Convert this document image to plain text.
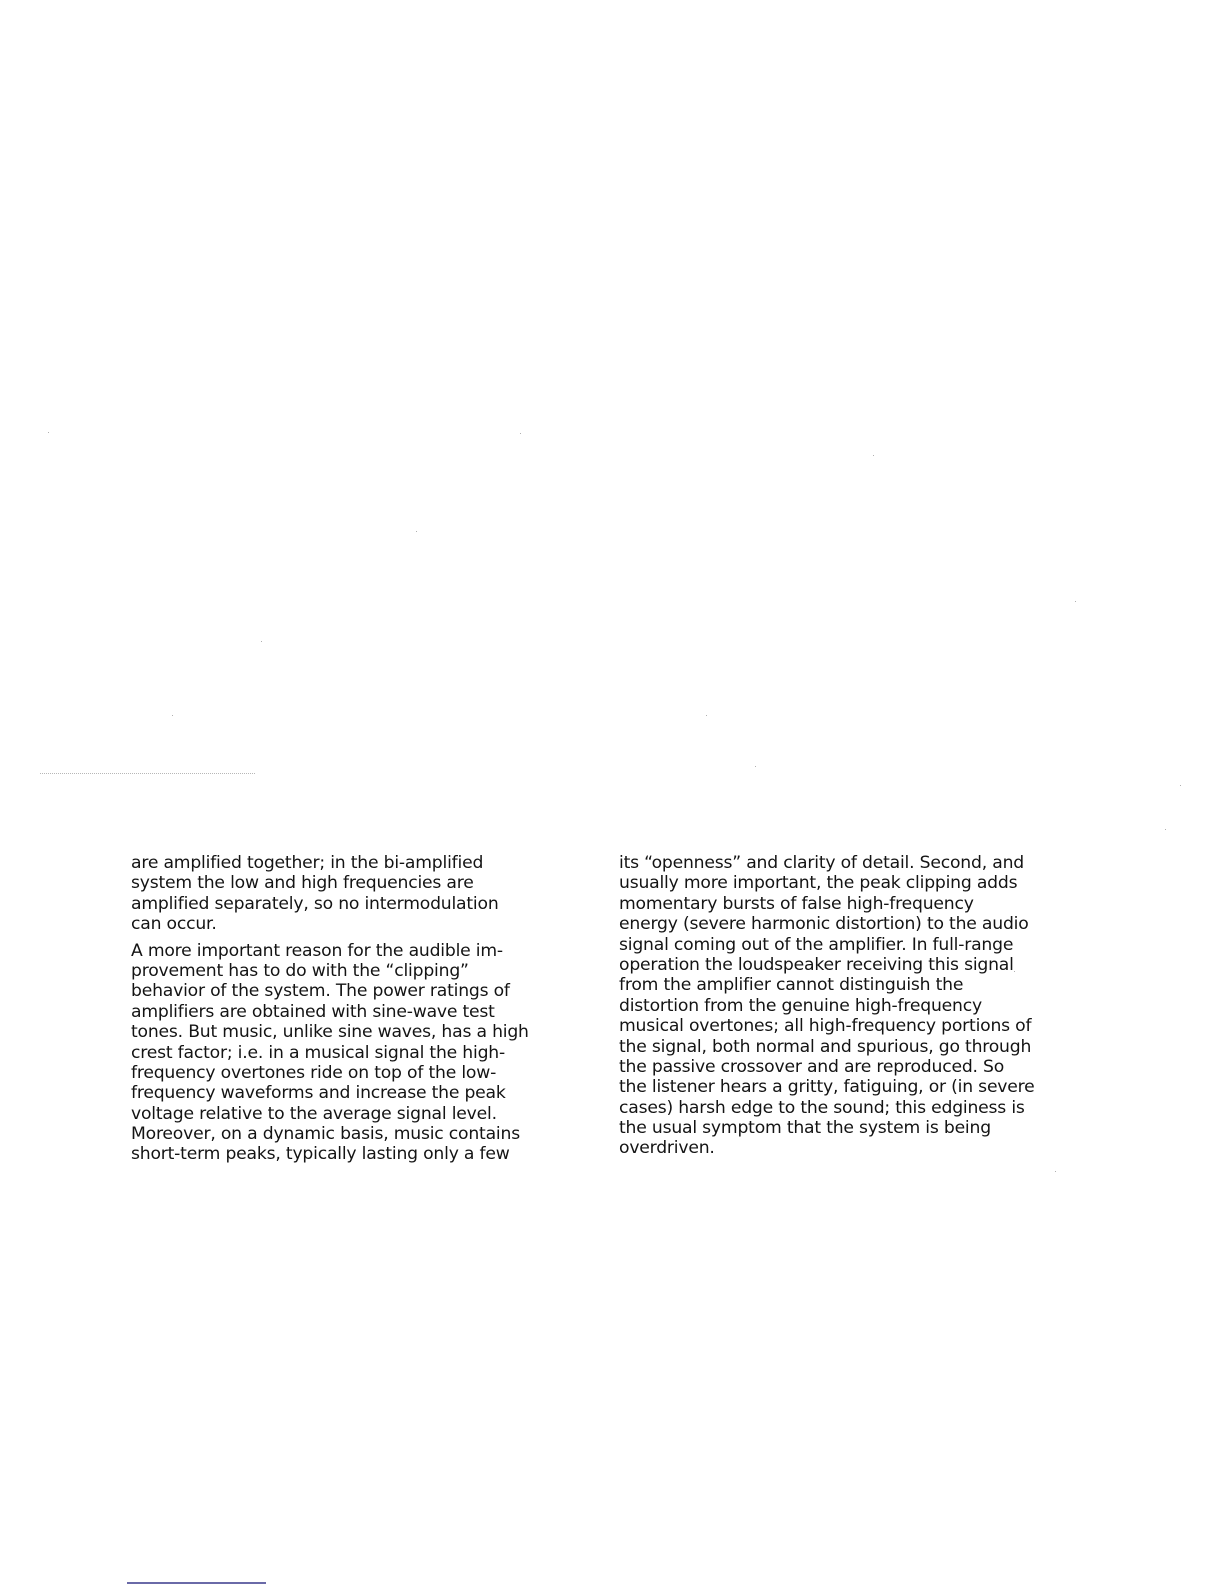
are amplified together; in the bi-amplified
system the low and high frequencies are
amplified separately, so no intermodulation
can occur.
A more important reason for the audible im-
provement has to do with the “clipping”
behavior of the system. The power ratings of
amplifiers are obtained with sine-wave test
tones. But music, unlike sine waves, has a high
crest factor; i.e. in a musical signal the high-
frequency overtones ride on top of the low-
frequency waveforms and increase the peak
voltage relative to the average signal level.
Moreover, on a dynamic basis, music contains
short-term peaks, typically lasting only a few
its “openness” and clarity of detail. Second, and
usually more important, the peak clipping adds
momentary bursts of false high-frequency
energy (severe harmonic distortion) to the audio
signal coming out of the amplifier. In full-range
operation the loudspeaker receiving this signal
from the amplifier cannot distinguish the
distortion from the genuine high-frequency
musical overtones; all high-frequency portions of
the signal, both normal and spurious, go through
the passive crossover and are reproduced. So
the listener hears a gritty, fatiguing, or (in severe
cases) harsh edge to the sound; this edginess is
the usual symptom that the system is being
overdriven.
